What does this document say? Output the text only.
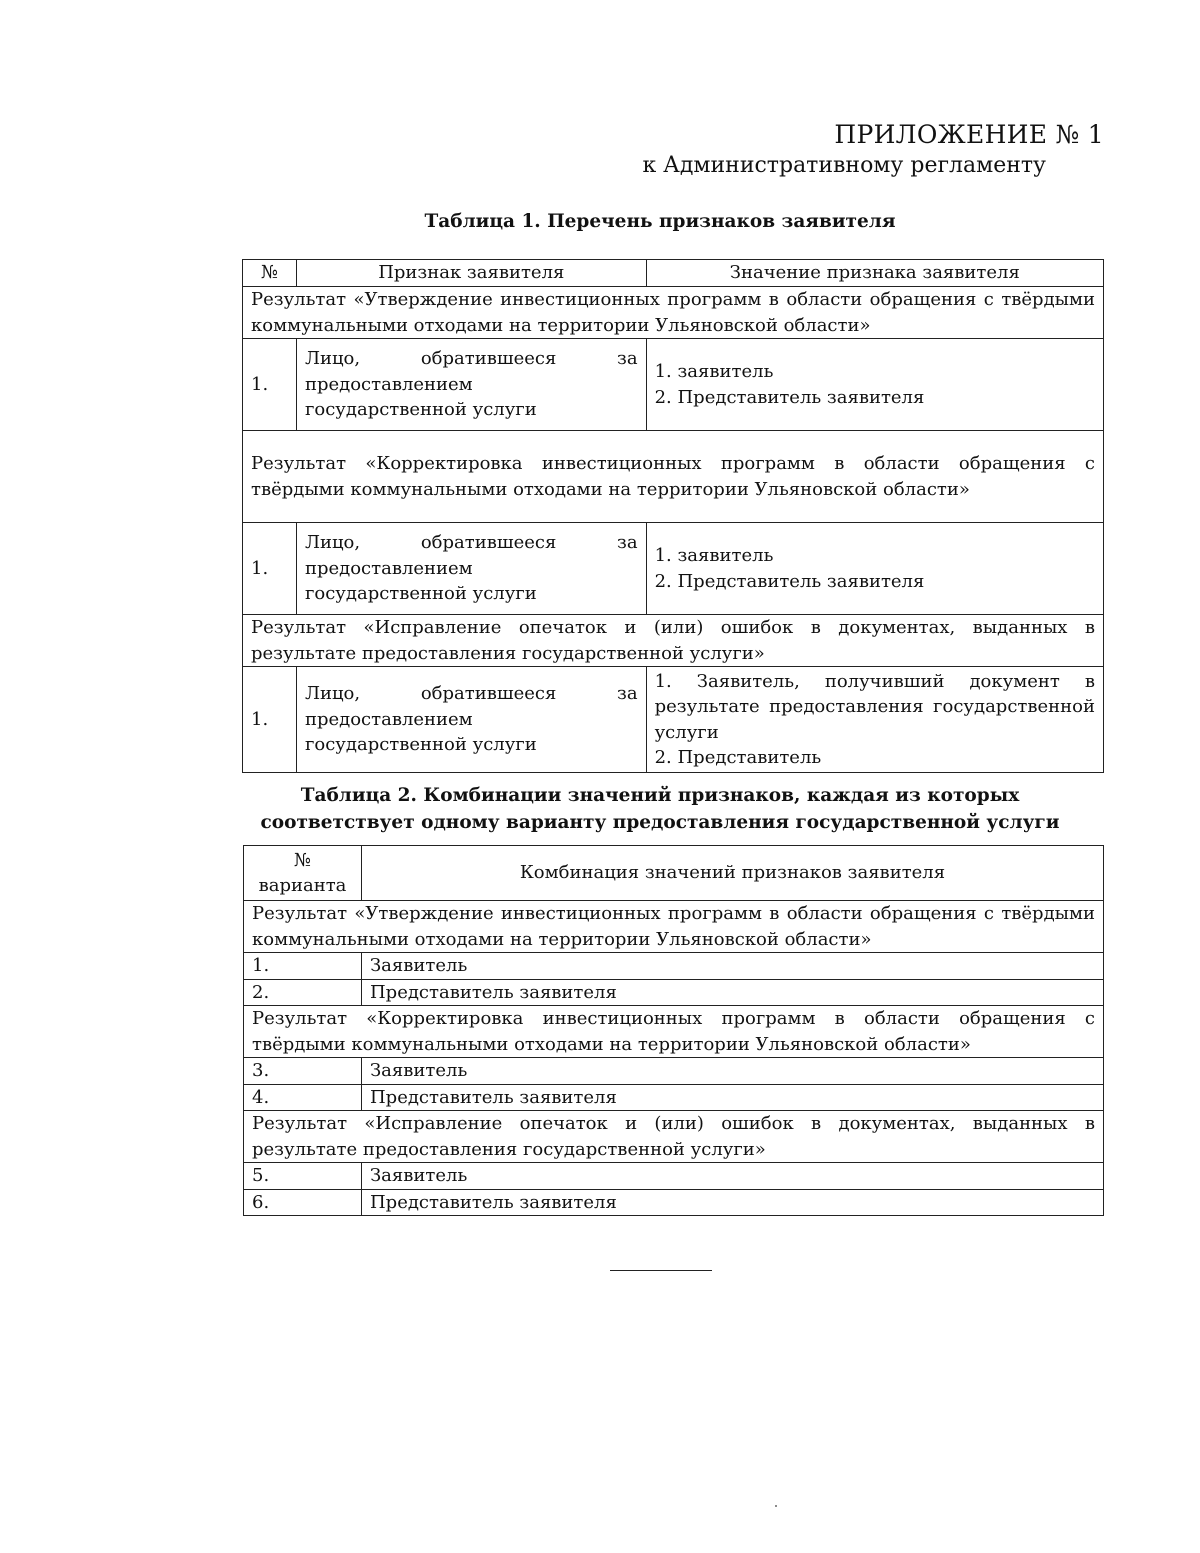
ПРИЛОЖЕНИЕ № 1
к Административному регламенту
Таблица 1. Перечень признаков заявителя
№	Признак заявителя	Значение признака заявителя
Результат «Утверждение инвестиционных программ в области обращения с твёрдыми коммунальными отходами на территории Ульяновской области»		
1.	Лицо, обратившееся за предоставлением государственной услуги	1. заявитель
2. Представитель заявителя

Результат «Корректировка инвестиционных программ в области обращения с твёрдыми коммунальными отходами на территории Ульяновской области»		
1.	Лицо, обратившееся за предоставлением государственной услуги	1. заявитель
2. Представитель заявителя

Результат «Исправление опечаток и (или) ошибок в документах, выданных в результате предоставления государственной услуги»		
1.	Лицо, обратившееся за предоставлением государственной услуги	1. Заявитель, получивший документ в результате предоставления государственной услуги
2. Представитель
Таблица 2. Комбинации значений признаков, каждая из которых
соответствует одному варианту предоставления государственной услуги
№ варианта	Комбинация значений признаков заявителя
Результат «Утверждение инвестиционных программ в области обращения с твёрдыми коммунальными отходами на территории Ульяновской области»	
1.	Заявитель
2.	Представитель заявителя
Результат «Корректировка инвестиционных программ в области обращения с твёрдыми коммунальными отходами на территории Ульяновской области»	
3.	Заявитель
4.	Представитель заявителя
Результат «Исправление опечаток и (или) ошибок в документах, выданных в результате предоставления государственной услуги»	
5.	Заявитель
6.	Представитель заявителя
